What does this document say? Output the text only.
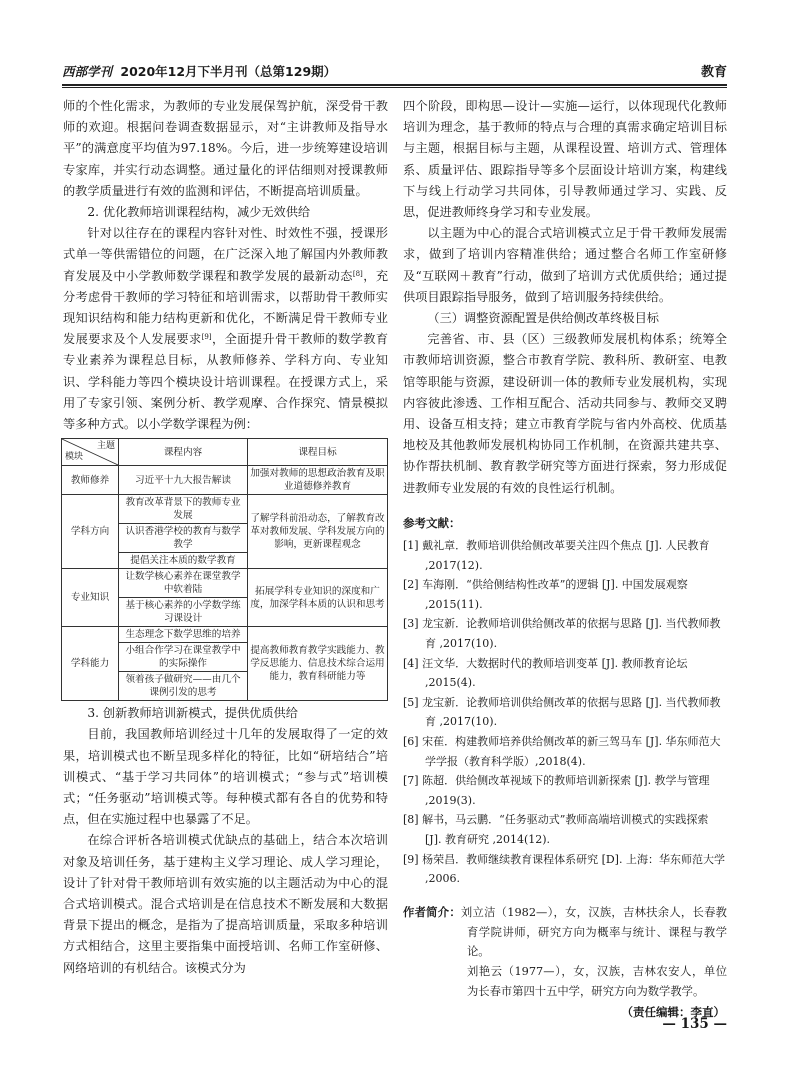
西部学刊 2020年12月下半月刊（总第129期）	教育

师的个性化需求，为教师的专业发展保驾护航，深受骨干教师的欢迎。根据问卷调查数据显示，对“主讲教师及指导水平”的满意度平均值为97.18%。今后，进一步统筹建设培训专家库，并实行动态调整。通过量化的评估细则对授课教师的教学质量进行有效的监测和评估，不断提高培训质量。

2. 优化教师培训课程结构，减少无效供给

针对以往存在的课程内容针对性、时效性不强，授课形式单一等供需错位的问题，在广泛深入地了解国内外教师教育发展及中小学教师数学课程和教学发展的最新动态[8]，充分考虑骨干教师的学习特征和培训需求，以帮助骨干教师实现知识结构和能力结构更新和优化，不断满足骨干教师专业发展要求及个人发展要求[9]，全面提升骨干教师的数学教育专业素养为课程总目标，从教师修养、学科方向、专业知识、学科能力等四个模块设计培训课程。在授课方式上，采用了专家引领、案例分析、教学观摩、合作探究、情景模拟等多种方式。以小学数学课程为例：

主题
模块	课程内容	课程目标
教师修养	习近平十九大报告解读	加强对教师的思想政治教育及职业道德修养教育
学科方向	教育改革背景下的教师专业发展	了解学科前沿动态，了解教育改革对教师发展、学科发展方向的影响，更新课程观念
	认识香港学校的教育与数学教学	
	提倡关注本质的数学教育	
专业知识	让数学核心素养在课堂教学中软着陆	拓展学科专业知识的深度和广度，加深学科本质的认识和思考
	基于核心素养的小学数学练习课设计	
学科能力	生态理念下数学思维的培养	提高教师教育教学实践能力、教学反思能力、信息技术综合运用能力，教育科研能力等
	小组合作学习在课堂教学中的实际操作	
	领着孩子做研究——由几个课例引发的思考	

3. 创新教师培训新模式，提供优质供给

目前，我国教师培训经过十几年的发展取得了一定的效果，培训模式也不断呈现多样化的特征，比如“研培结合”培训模式、“基于学习共同体”的培训模式；“参与式”培训模式；“任务驱动”培训模式等。每种模式都有各自的优势和特点，但在实施过程中也暴露了不足。

在综合评析各培训模式优缺点的基础上，结合本次培训对象及培训任务，基于建构主义学习理论、成人学习理论，设计了针对骨干教师培训有效实施的以主题活动为中心的混合式培训模式。混合式培训是在信息技术不断发展和大数据背景下提出的概念，是指为了提高培训质量，采取多种培训方式相结合，这里主要指集中面授培训、名师工作室研修、网络培训的有机结合。该模式分为

四个阶段，即构思—设计—实施—运行，以体现现代化教师培训为理念，基于教师的特点与合理的真需求确定培训目标与主题，根据目标与主题，从课程设置、培训方式、管理体系、质量评估、跟踪指导等多个层面设计培训方案，构建线下与线上行动学习共同体，引导教师通过学习、实践、反思，促进教师终身学习和专业发展。

以主题为中心的混合式培训模式立足于骨干教师发展需求，做到了培训内容精准供给；通过整合名师工作室研修及“互联网＋教育”行动，做到了培训方式优质供给；通过提供项目跟踪指导服务，做到了培训服务持续供给。

（三）调整资源配置是供给侧改革终极目标

完善省、市、县（区）三级教师发展机构体系；统筹全市教师培训资源，整合市教育学院、教科所、教研室、电教馆等职能与资源，建设研训一体的教师专业发展机构，实现内容彼此渗透、工作相互配合、活动共同参与、教师交叉聘用、设备互相支持；建立市教育学院与省内外高校、优质基地校及其他教师发展机构协同工作机制，在资源共建共享、协作帮扶机制、教育教学研究等方面进行探索，努力形成促进教师专业发展的有效的良性运行机制。

参考文献：
[1] 戴礼章．教师培训供给侧改革要关注四个焦点 [J]. 人民教育 ,2017(12).
[2] 车海刚．“供给侧结构性改革”的逻辑 [J]. 中国发展观察 ,2015(11).
[3] 龙宝新．论教师培训供给侧改革的依据与思路 [J]. 当代教师教育 ,2017(10).
[4] 汪文华．大数据时代的教师培训变革 [J]. 教师教育论坛 ,2015(4).
[5] 龙宝新．论教师培训供给侧改革的依据与思路 [J]. 当代教师教育 ,2017(10).
[6] 宋萑．构建教师培养供给侧改革的新三驾马车 [J]. 华东师范大学学报（教育科学版）,2018(4).
[7] 陈超．供给侧改革视域下的教师培训新探索 [J]. 教学与管理 ,2019(3).
[8] 解书，马云鹏．“任务驱动式”教师高端培训模式的实践探索 [J]. 教育研究 ,2014(12).
[9] 杨荣昌．教师继续教育课程体系研究 [D]. 上海：华东师范大学 ,2006.
作者简介：刘立洁（1982—），女，汉族，吉林扶余人，长春教育学院讲师，研究方向为概率与统计、课程与教学论。
刘艳云（1977—），女，汉族，吉林农安人，单位为长春市第四十五中学，研究方向为数学教学。
（责任编辑：李直）
— 135 —
